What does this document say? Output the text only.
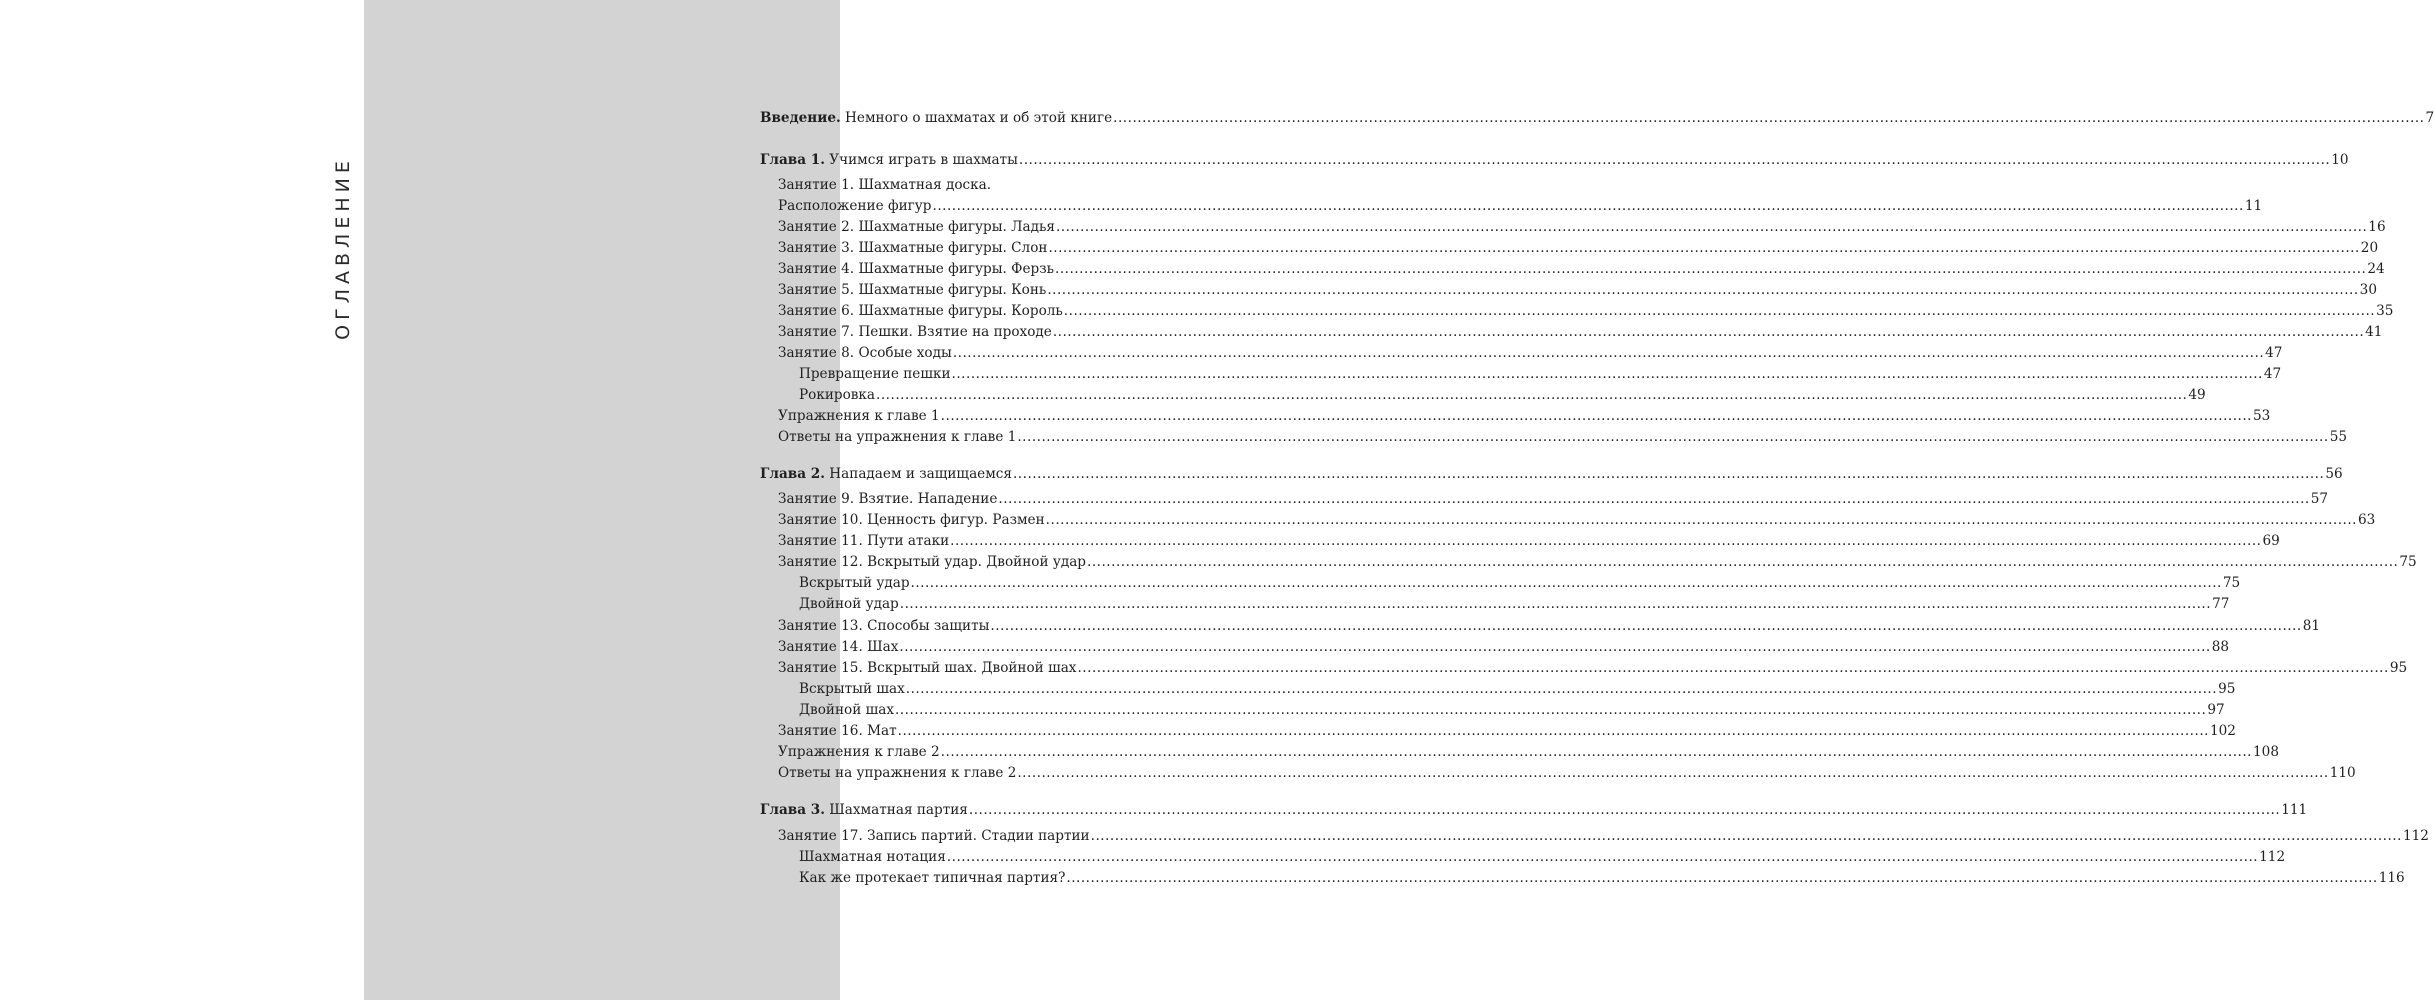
ОГЛАВЛЕНИЕ
Введение. Немного о шахматах и об этой книге .....	7
Глава 1. Учимся играть в шахматы .....	10
Занятие 1. Шахматная доска.
Расположение фигур .....	11
Занятие 2. Шахматные фигуры. Ладья .....	16
Занятие 3. Шахматные фигуры. Слон .....	20
Занятие 4. Шахматные фигуры. Ферзь .....	24
Занятие 5. Шахматные фигуры. Конь .....	30
Занятие 6. Шахматные фигуры. Король .....	35
Занятие 7. Пешки. Взятие на проходе .....	41
Занятие 8. Особые ходы .....	47
Превращение пешки .....	47
Рокировка .....	49
Упражнения к главе 1 .....	53
Ответы на упражнения к главе 1 .....	55
Глава 2. Нападаем и защищаемся .....	56
Занятие 9. Взятие. Нападение .....	57
Занятие 10. Ценность фигур. Размен .....	63
Занятие 11. Пути атаки .....	69
Занятие 12. Вскрытый удар. Двойной удар .....	75
Вскрытый удар .....	75
Двойной удар .....	77
Занятие 13. Способы защиты .....	81
Занятие 14. Шах .....	88
Занятие 15. Вскрытый шах. Двойной шах .....	95
Вскрытый шах .....	95
Двойной шах .....	97
Занятие 16. Мат .....	102
Упражнения к главе 2 .....	108
Ответы на упражнения к главе 2 .....	110
Глава 3. Шахматная партия .....	111
Занятие 17. Запись партий. Стадии партии .....	112
Шахматная нотация .....	112
Как же протекает типичная партия? .....	116
